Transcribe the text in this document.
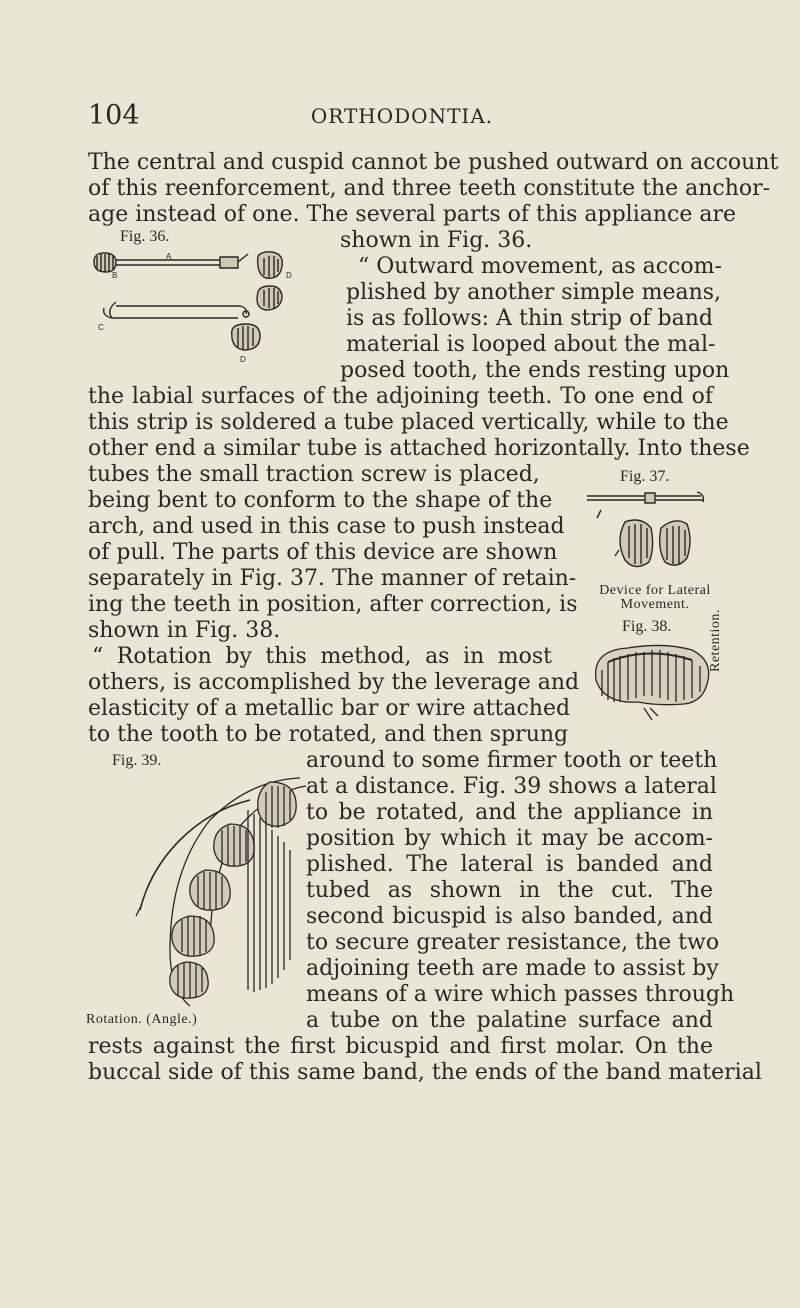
104	ORTHODONTIA.
The central and cuspid cannot be pushed outward on account
of this reenforcement, and three teeth constitute the anchor-
age instead of one. The several parts of this appliance are
shown in Fig. 36.
“ Outward movement, as accom-
plished by another simple means,
is as follows: A thin strip of band
material is looped about the mal-
posed tooth, the ends resting upon
the labial surfaces of the adjoining teeth. To one end of
this strip is soldered a tube placed vertically, while to the
other end a similar tube is attached horizontally. Into these
tubes the small traction screw is placed,
being bent to conform to the shape of the
arch, and used in this case to push instead
of pull. The parts of this device are shown
separately in Fig. 37. The manner of retain-
ing the teeth in position, after correction, is
shown in Fig. 38.
“ Rotation by this method, as in most
others, is accomplished by the leverage and
elasticity of a metallic bar or wire attached
to the tooth to be rotated, and then sprung
around to some firmer tooth or teeth
at a distance. Fig. 39 shows a lateral
to be rotated, and the appliance in
position by which it may be accom-
plished. The lateral is banded and
tubed as shown in the cut. The
second bicuspid is also banded, and
to secure greater resistance, the two
adjoining teeth are made to assist by
means of a wire which passes through
a tube on the palatine surface and
rests against the first bicuspid and first molar. On the
buccal side of this same band, the ends of the band material
Fig. 36.
A
B
C
D
D
Fig. 37.
Device for Lateral Movement.
Fig. 38.	Retention.
Fig. 39.
Rotation. (Angle.)
